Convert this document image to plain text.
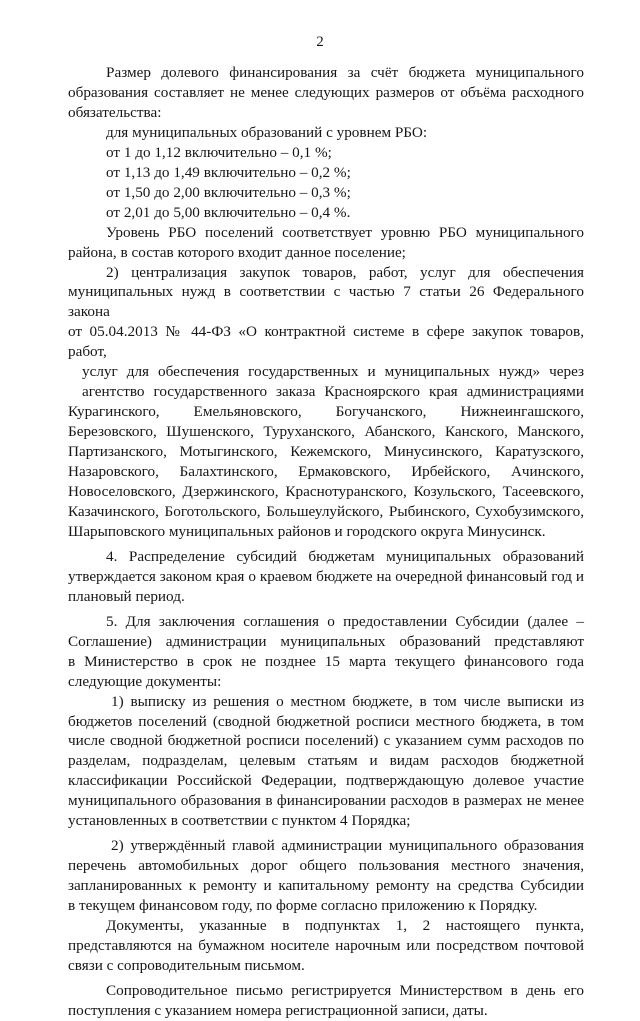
2

Размер долевого финансирования за счёт бюджета муниципального

образования составляет не менее следующих размеров от объёма расходного

обязательства:

для муниципальных образований с уровнем РБО:

от 1 до 1,12 включительно – 0,1 %;

от 1,13 до 1,49 включительно – 0,2 %;

от 1,50 до 2,00 включительно – 0,3 %;

от 2,01 до 5,00 включительно – 0,4 %.

Уровень РБО поселений соответствует уровню РБО муниципального

района, в состав которого входит данное поселение;

2) централизация закупок товаров, работ, услуг для обеспечения

муниципальных нужд в соответствии с частью 7 статьи 26 Федерального закона

от 05.04.2013 № 44-ФЗ «О контрактной системе в сфере закупок товаров, работ,

услуг для обеспечения государственных и муниципальных нужд» через

агентство государственного заказа Красноярского края администрациями

Курагинского, Емельяновского, Богучанского, Нижнеингашского,

Березовского, Шушенского, Туруханского, Абанского, Канского, Манского,

Партизанского, Мотыгинского, Кежемского, Минусинского, Каратузского,

Назаровского, Балахтинского, Ермаковского, Ирбейского, Ачинского,

Новоселовского, Дзержинского, Краснотуранского, Козульского, Тасеевского,

Казачинского, Боготольского, Большеулуйского, Рыбинского, Сухобузимского,

Шарыповского муниципальных районов и городского округа Минусинск.

4. Распределение субсидий бюджетам муниципальных образований

утверждается законом края о краевом бюджете на очередной финансовый год и

плановый период.

5. Для заключения соглашения о предоставлении Субсидии (далее –

Соглашение) администрации муниципальных образований представляют

в Министерство в срок не позднее 15 марта текущего финансового года

следующие документы:

1) выписку из решения о местном бюджете, в том числе выписки из

бюджетов поселений (сводной бюджетной росписи местного бюджета, в том

числе сводной бюджетной росписи поселений) с указанием сумм расходов по

разделам, подразделам, целевым статьям и видам расходов бюджетной

классификации Российской Федерации, подтверждающую долевое участие

муниципального образования в финансировании расходов в размерах не менее

установленных в соответствии с пунктом 4 Порядка;

2) утверждённый главой администрации муниципального образования

перечень автомобильных дорог общего пользования местного значения,

запланированных к ремонту и капитальному ремонту на средства Субсидии

в текущем финансовом году, по форме согласно приложению к Порядку.

Документы, указанные в подпунктах 1, 2 настоящего пункта,

представляются на бумажном носителе нарочным или посредством почтовой

связи с сопроводительным письмом.

Сопроводительное письмо регистрируется Министерством в день его

поступления с указанием номера регистрационной записи, даты.
